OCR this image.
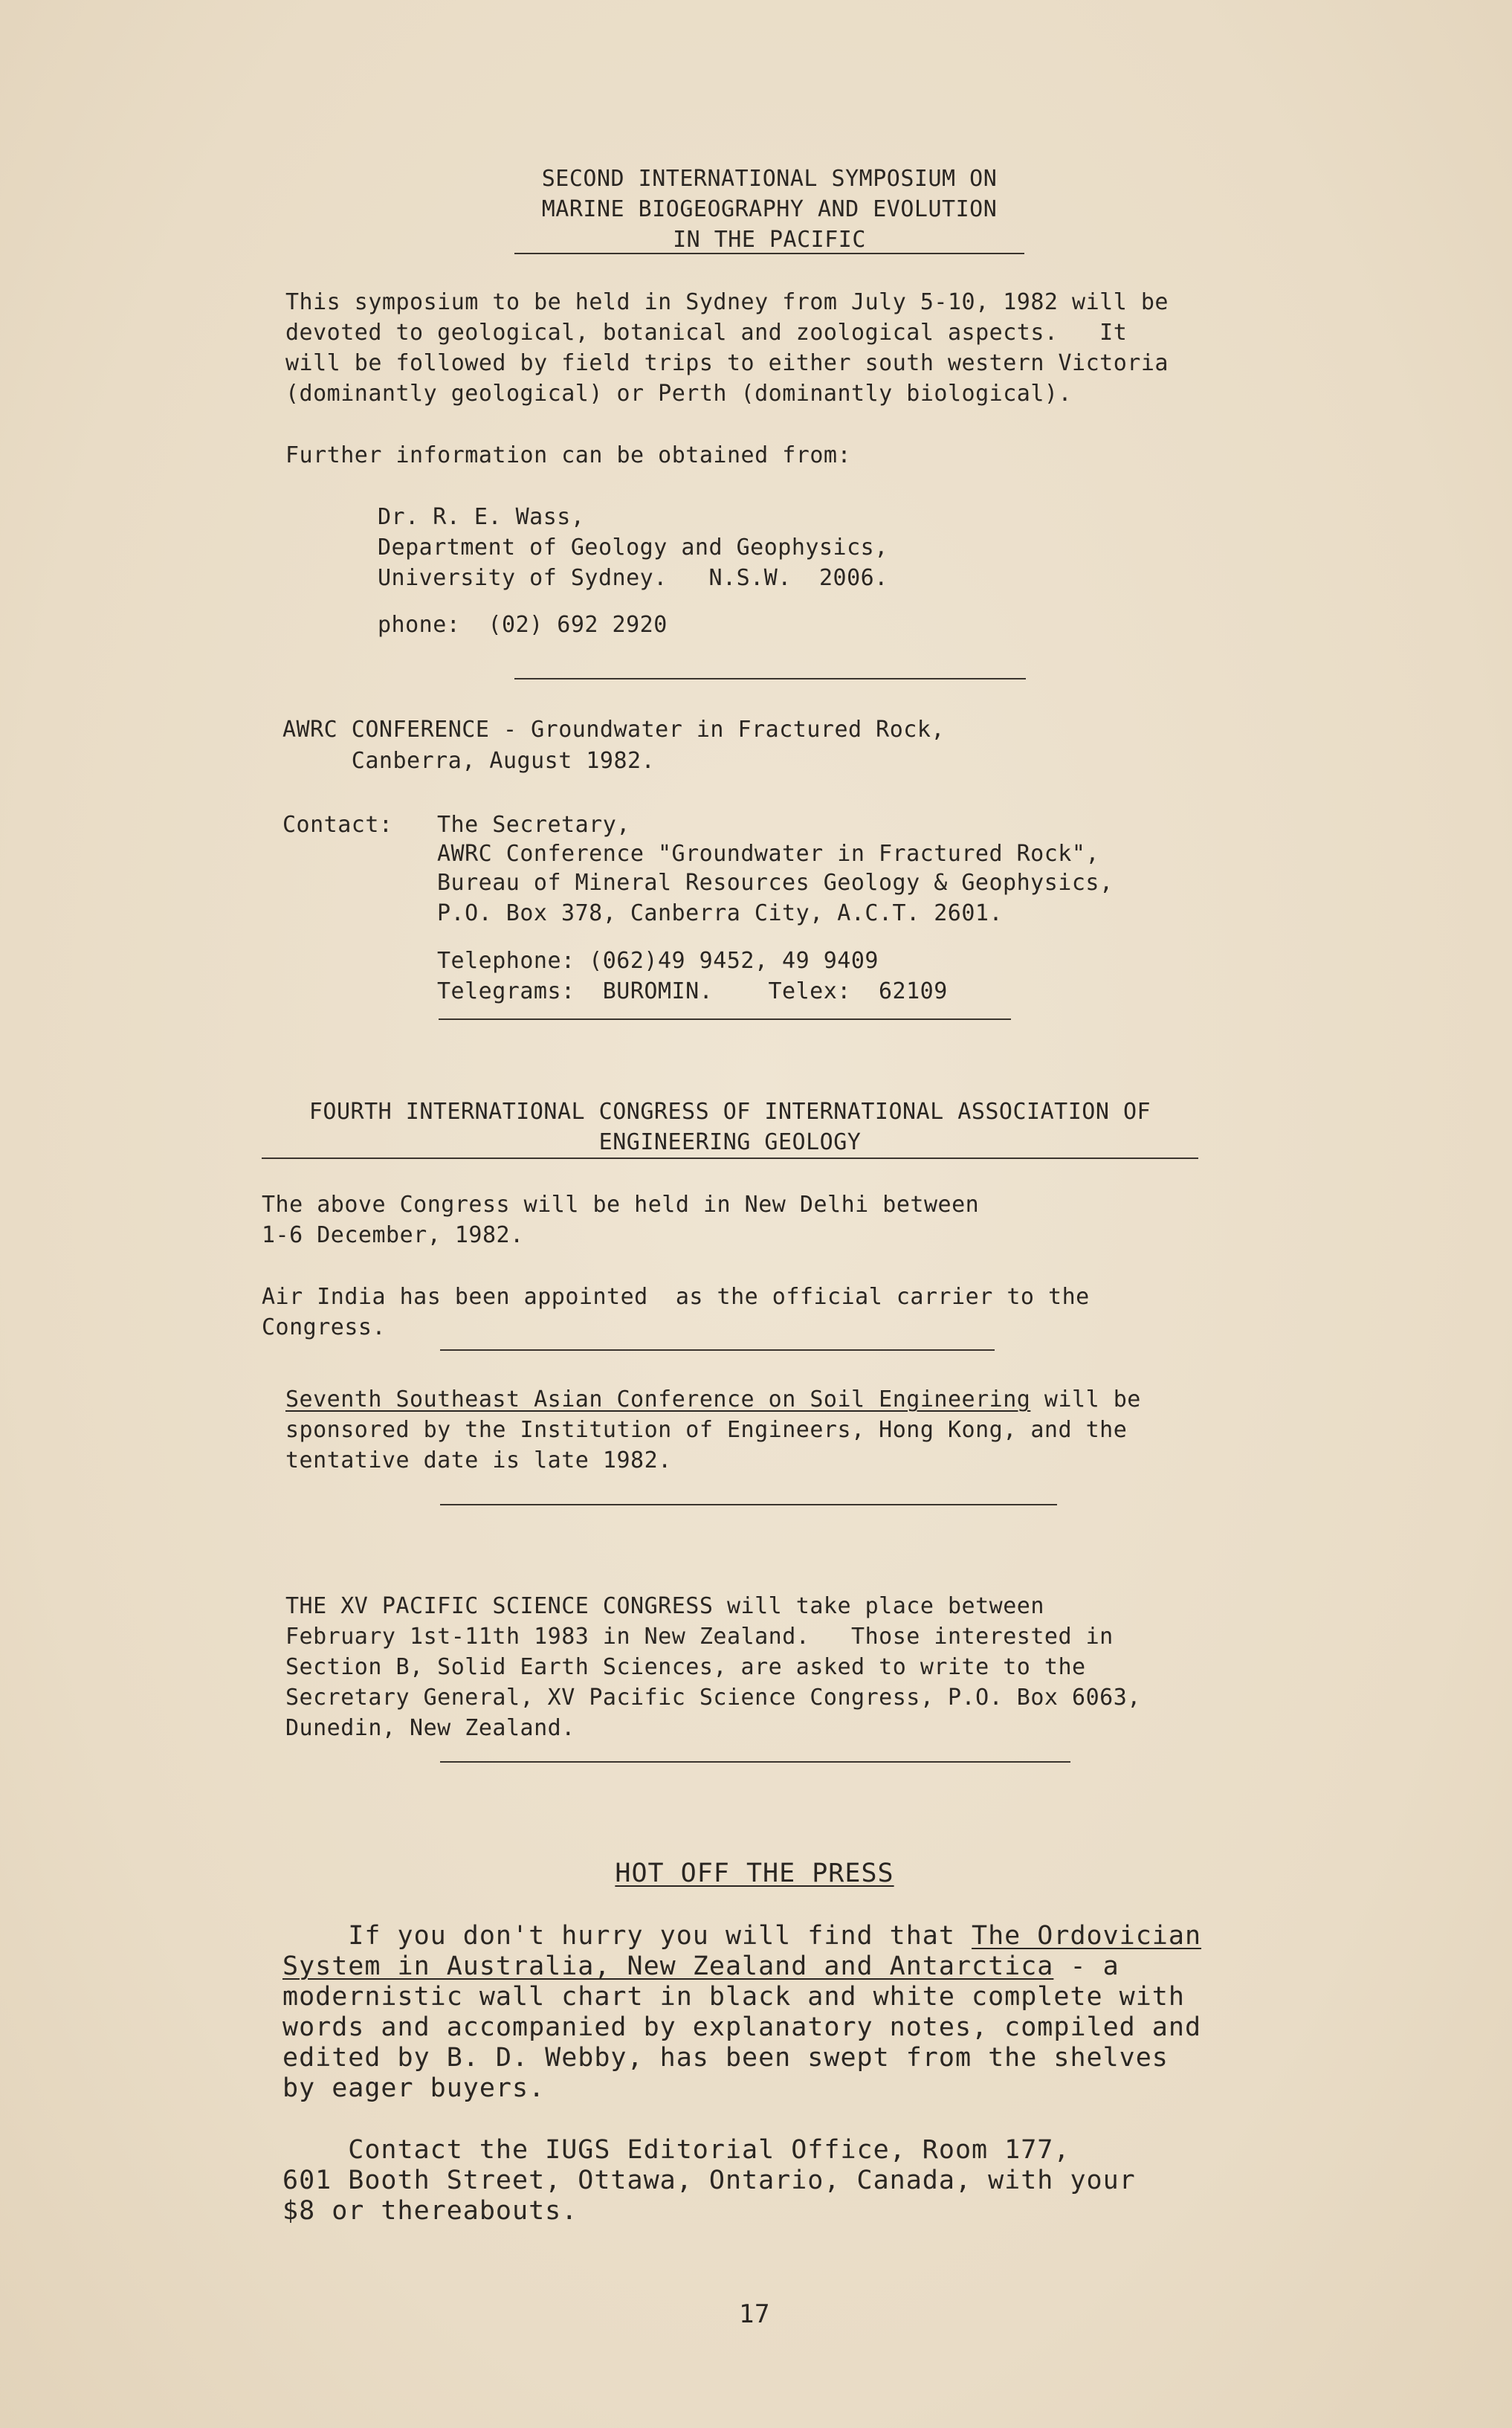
SECOND INTERNATIONAL SYMPOSIUM ON
MARINE BIOGEOGRAPHY AND EVOLUTION
IN THE PACIFIC
This symposium to be held in Sydney from July 5-10, 1982 will be
devoted to geological, botanical and zoological aspects.   It
will be followed by field trips to either south western Victoria
(dominantly geological) or Perth (dominantly biological).
Further information can be obtained from:
Dr. R. E. Wass,
Department of Geology and Geophysics,
University of Sydney.   N.S.W.  2006.
phone:  (02) 692 2920
AWRC CONFERENCE - Groundwater in Fractured Rock,
Canberra, August 1982.
Contact: The Secretary,
AWRC Conference "Groundwater in Fractured Rock",
Bureau of Mineral Resources Geology & Geophysics,
P.O. Box 378, Canberra City, A.C.T. 2601.
Telephone: (062)49 9452, 49 9409
Telegrams:  BUROMIN.    Telex:  62109
FOURTH INTERNATIONAL CONGRESS OF INTERNATIONAL ASSOCIATION OF
ENGINEERING GEOLOGY
The above Congress will be held in New Delhi between
1-6 December, 1982.
Air India has been appointed  as the official carrier to the
Congress.
Seventh Southeast Asian Conference on Soil Engineering will be
sponsored by the Institution of Engineers, Hong Kong, and the
tentative date is late 1982.
THE XV PACIFIC SCIENCE CONGRESS will take place between
February 1st-11th 1983 in New Zealand.   Those interested in
Section B, Solid Earth Sciences, are asked to write to the
Secretary General, XV Pacific Science Congress, P.O. Box 6063,
Dunedin, New Zealand.
HOT OFF THE PRESS
If you don't hurry you will find that The Ordovician
System in Australia, New Zealand and Antarctica - a
modernistic wall chart in black and white complete with
words and accompanied by explanatory notes, compiled and
edited by B. D. Webby, has been swept from the shelves
by eager buyers.
Contact the IUGS Editorial Office, Room 177,
601 Booth Street, Ottawa, Ontario, Canada, with your
$8 or thereabouts.
17
